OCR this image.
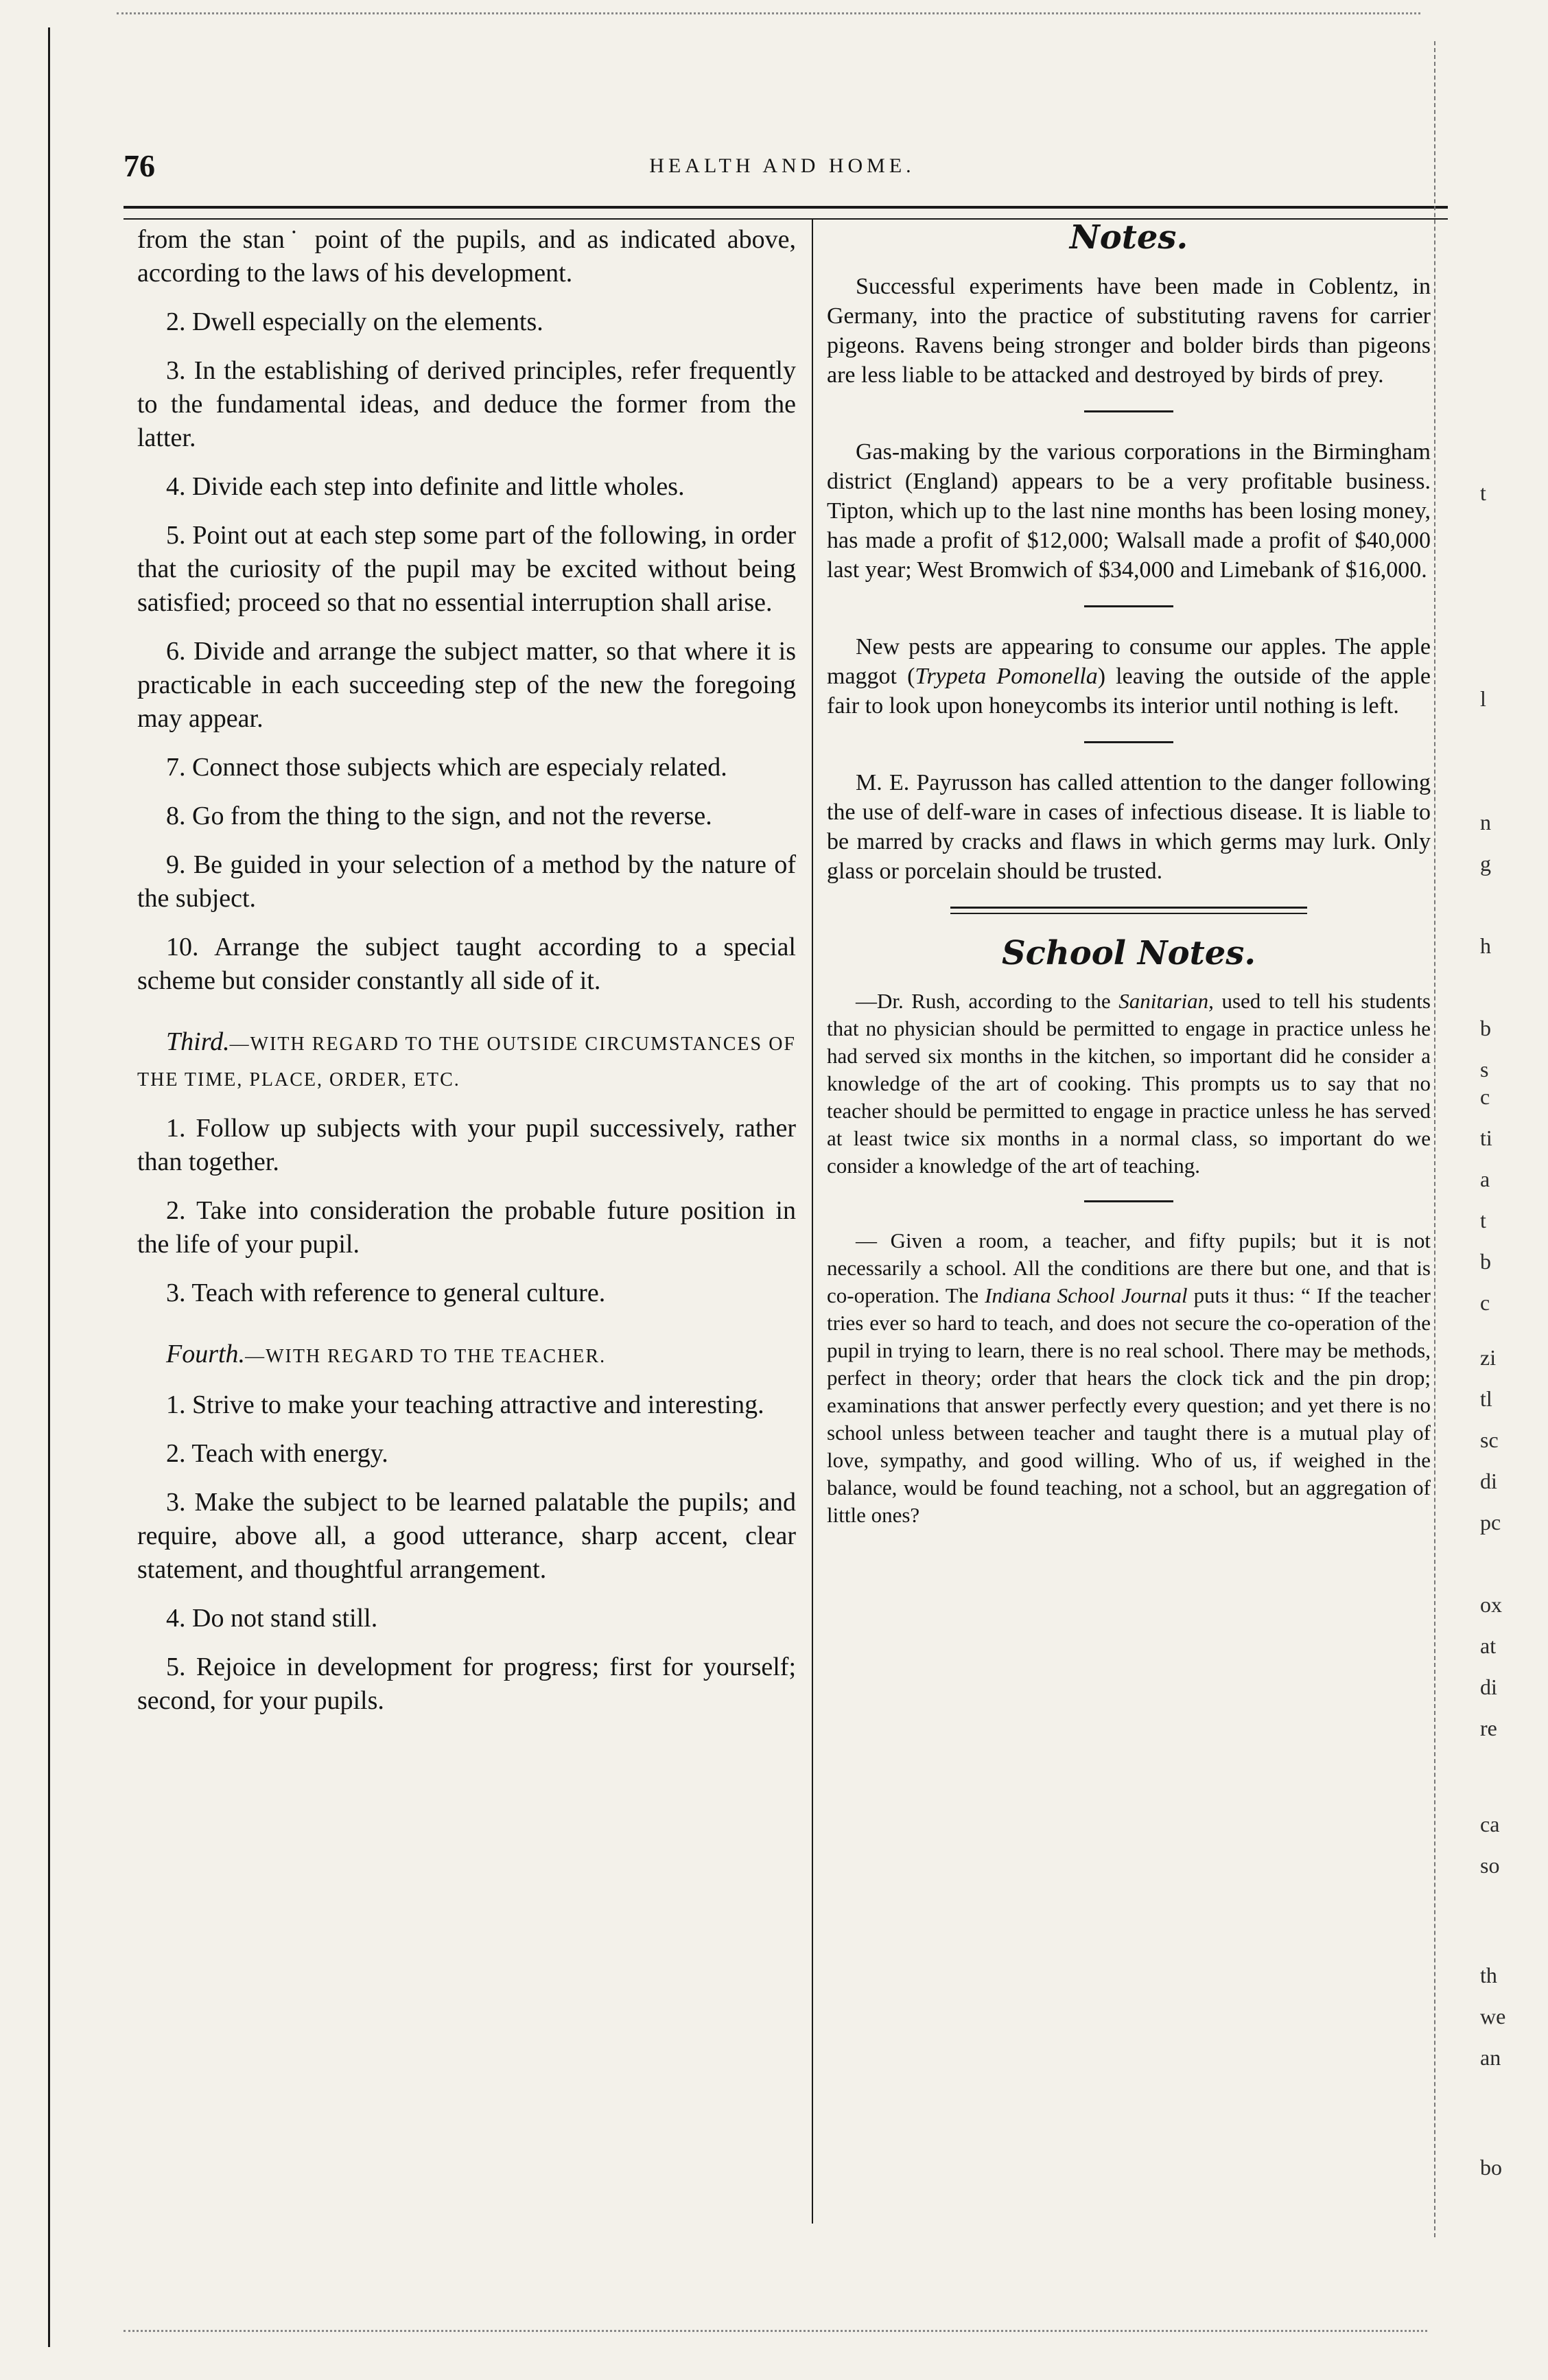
76	HEALTH AND HOME.

from the stan˙ point of the pupils, and as indicated above, according to the laws of his development.

2. Dwell especially on the elements.

3. In the establishing of derived principles, refer frequently to the fundamental ideas, and deduce the former from the latter.

4. Divide each step into definite and little wholes.

5. Point out at each step some part of the following, in order that the curiosity of the pupil may be excited without being satisfied; proceed so that no essential interruption shall arise.

6. Divide and arrange the subject matter, so that where it is practicable in each succeeding step of the new the foregoing may appear.

7. Connect those subjects which are especialy related.

8. Go from the thing to the sign, and not the reverse.

9. Be guided in your selection of a method by the nature of the subject.

10. Arrange the subject taught according to a special scheme but consider constantly all side of it.

Third.—WITH REGARD TO THE OUTSIDE CIRCUMSTANCES OF THE TIME, PLACE, ORDER, ETC.

1. Follow up subjects with your pupil successively, rather than together.

2. Take into consideration the probable future position in the life of your pupil.

3. Teach with reference to general culture.

Fourth.—WITH REGARD TO THE TEACHER.

1. Strive to make your teaching attractive and interesting.

2. Teach with energy.

3. Make the subject to be learned palatable the pupils; and require, above all, a good utterance, sharp accent, clear statement, and thoughtful arrangement.

4. Do not stand still.

5. Rejoice in development for progress; first for yourself; second, for your pupils.

Notes.

Successful experiments have been made in Coblentz, in Germany, into the practice of substituting ravens for carrier pigeons. Ravens being stronger and bolder birds than pigeons are less liable to be attacked and destroyed by birds of prey.

Gas-making by the various corporations in the Birmingham district (England) appears to be a very profitable business. Tipton, which up to the last nine months has been losing money, has made a profit of $12,000; Walsall made a profit of $40,000 last year; West Bromwich of $34,000 and Limebank of $16,000.

New pests are appearing to consume our apples. The apple maggot (Trypeta Pomonella) leaving the outside of the apple fair to look upon honeycombs its interior until nothing is left.

M. E. Payrusson has called attention to the danger following the use of delf-ware in cases of infectious disease. It is liable to be marred by cracks and flaws in which germs may lurk. Only glass or porcelain should be trusted.

School Notes.

—Dr. Rush, according to the Sanitarian, used to tell his students that no physician should be permitted to engage in practice unless he had served six months in the kitchen, so important did he consider a knowledge of the art of cooking. This prompts us to say that no teacher should be permitted to engage in practice unless he has served at least twice six months in a normal class, so important do we consider a knowledge of the art of teaching.

— Given a room, a teacher, and fifty pupils; but it is not necessarily a school. All the conditions are there but one, and that is co-operation. The Indiana School Journal puts it thus: “ If the teacher tries ever so hard to teach, and does not secure the co-operation of the pupil in trying to learn, there is no real school. There may be methods, perfect in theory; order that hears the clock tick and the pin drop; examinations that answer perfectly every question; and yet there is no school unless between teacher and taught there is a mutual play of love, sympathy, and good willing. Who of us, if weighed in the balance, would be found teaching, not a school, but an aggregation of little ones?

t
l
n
g
h
b
s
c
ti
a
t
b
c
zi
tl
sc
di
pc
ox
at
di
re
ca
so
th
we
an
bo
